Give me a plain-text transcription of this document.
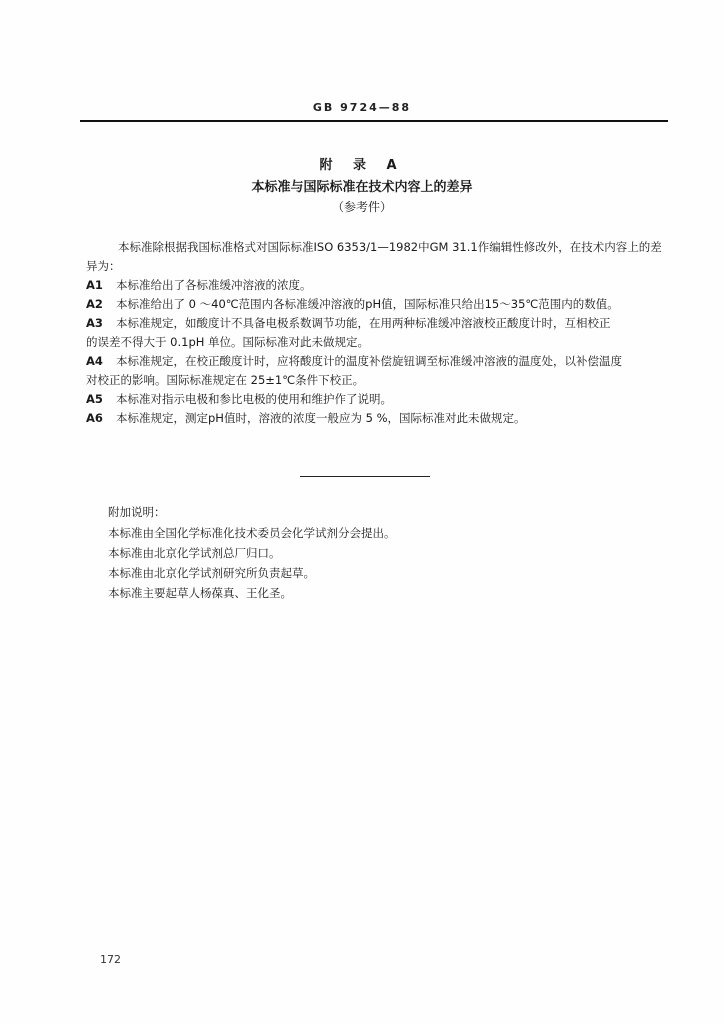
GB 9724—88
附 录 A
本标准与国际标准在技术内容上的差异
（参考件）
本标准除根据我国标准格式对国际标准ISO 6353/1—1982中GM 31.1作编辑性修改外，在技术内容上的差异为：
A1	本标准给出了各标准缓冲溶液的浓度。
A2	本标准给出了 0 ～40℃范围内各标准缓冲溶液的pH值，国际标准只给出15～35℃范围内的数值。
A3	本标准规定，如酸度计不具备电极系数调节功能，在用两种标准缓冲溶液校正酸度计时，互相校正
的误差不得大于 0.1pH 单位。国际标准对此未做规定。
A4	本标准规定，在校正酸度计时，应将酸度计的温度补偿旋钮调至标准缓冲溶液的温度处，以补偿温度
对校正的影响。国际标准规定在 25±1℃条件下校正。
A5	本标准对指示电极和参比电极的使用和维护作了说明。
A6	本标准规定，测定pH值时，溶液的浓度一般应为 5 %，国际标准对此未做规定。
附加说明：
本标准由全国化学标准化技术委员会化学试剂分会提出。
本标准由北京化学试剂总厂归口。
本标准由北京化学试剂研究所负责起草。
本标准主要起草人杨葆真、王化圣。
172
